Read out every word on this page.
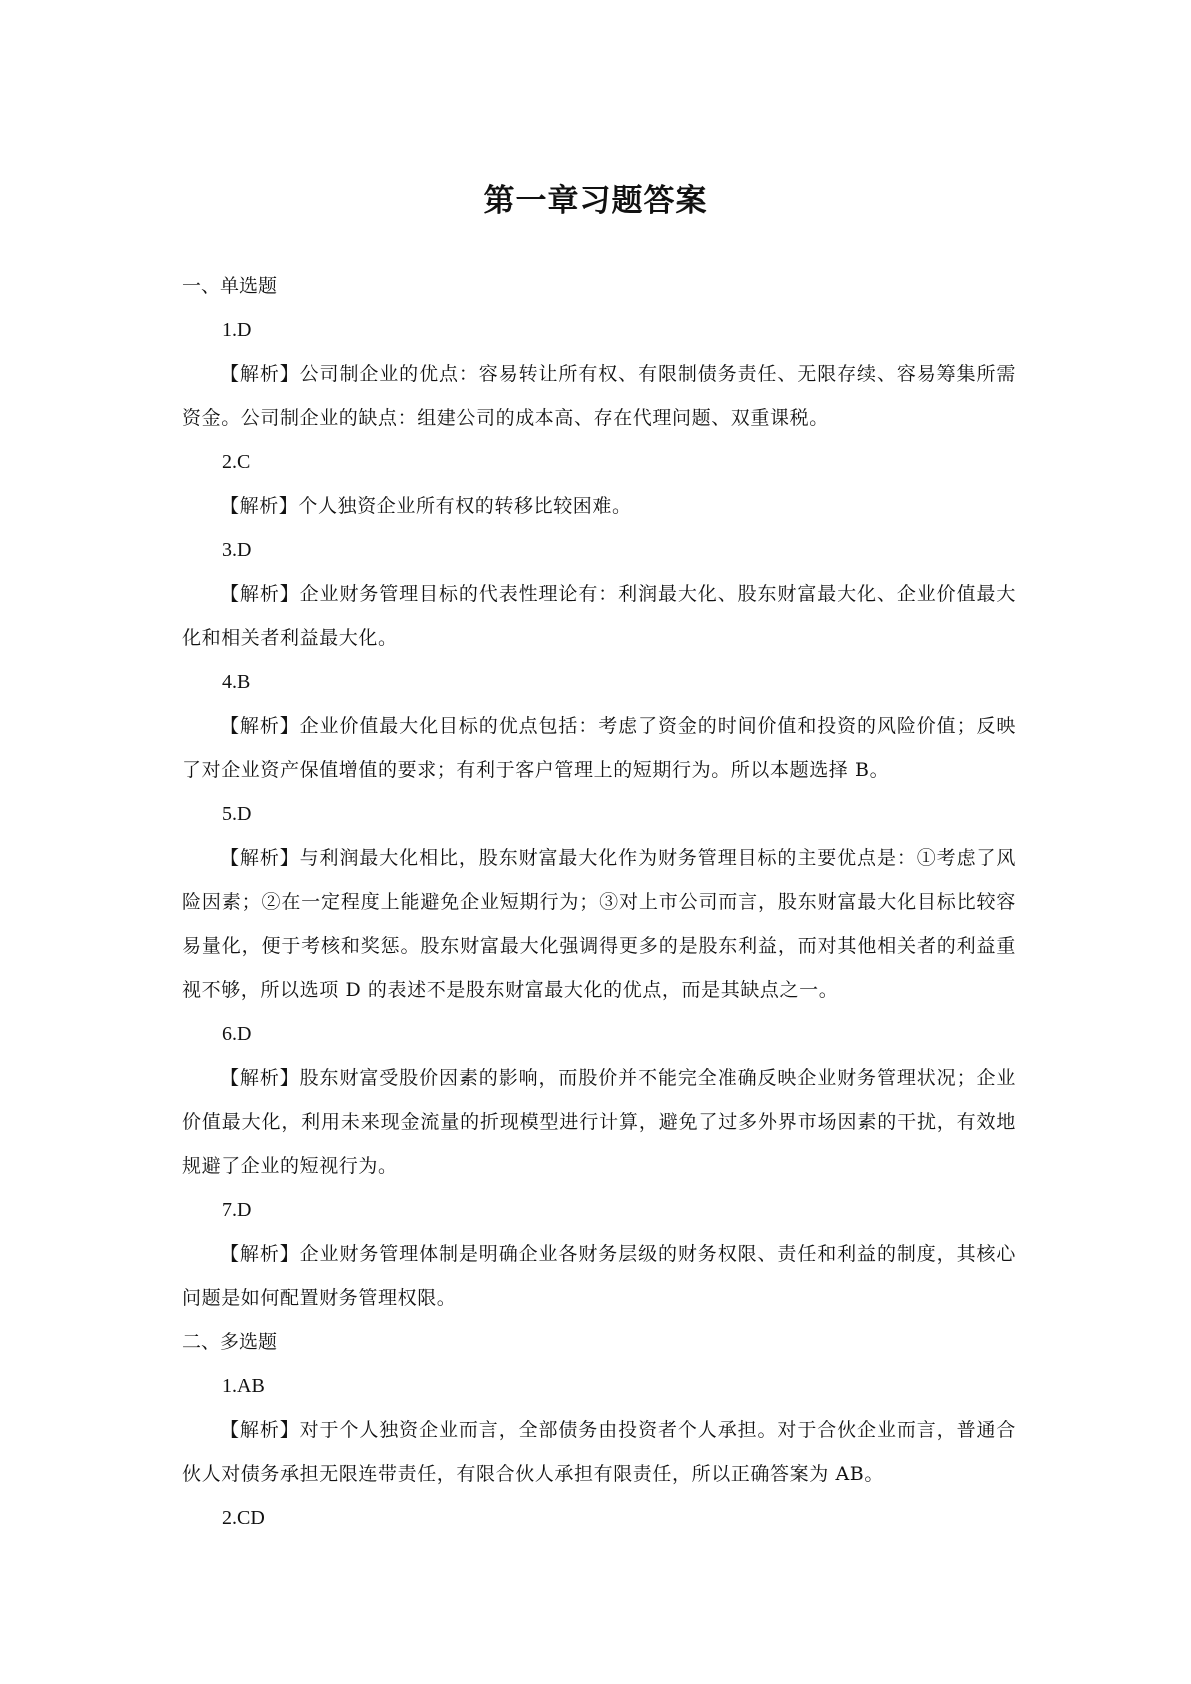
第一章习题答案

一、单选题

1.D

【解析】公司制企业的优点：容易转让所有权、有限制债务责任、无限存续、容易筹集所需资金。公司制企业的缺点：组建公司的成本高、存在代理问题、双重课税。

2.C

【解析】个人独资企业所有权的转移比较困难。

3.D

【解析】企业财务管理目标的代表性理论有：利润最大化、股东财富最大化、企业价值最大化和相关者利益最大化。

4.B

【解析】企业价值最大化目标的优点包括：考虑了资金的时间价值和投资的风险价值；反映了对企业资产保值增值的要求；有利于客户管理上的短期行为。所以本题选择 B。

5.D

【解析】与利润最大化相比，股东财富最大化作为财务管理目标的主要优点是：①考虑了风险因素；②在一定程度上能避免企业短期行为；③对上市公司而言，股东财富最大化目标比较容易量化，便于考核和奖惩。股东财富最大化强调得更多的是股东利益，而对其他相关者的利益重视不够，所以选项 D 的表述不是股东财富最大化的优点，而是其缺点之一。

6.D

【解析】股东财富受股价因素的影响，而股价并不能完全准确反映企业财务管理状况；企业价值最大化，利用未来现金流量的折现模型进行计算，避免了过多外界市场因素的干扰，有效地规避了企业的短视行为。

7.D

【解析】企业财务管理体制是明确企业各财务层级的财务权限、责任和利益的制度，其核心问题是如何配置财务管理权限。

二、多选题

1.AB

【解析】对于个人独资企业而言，全部债务由投资者个人承担。对于合伙企业而言，普通合伙人对债务承担无限连带责任，有限合伙人承担有限责任，所以正确答案为 AB。

2.CD
